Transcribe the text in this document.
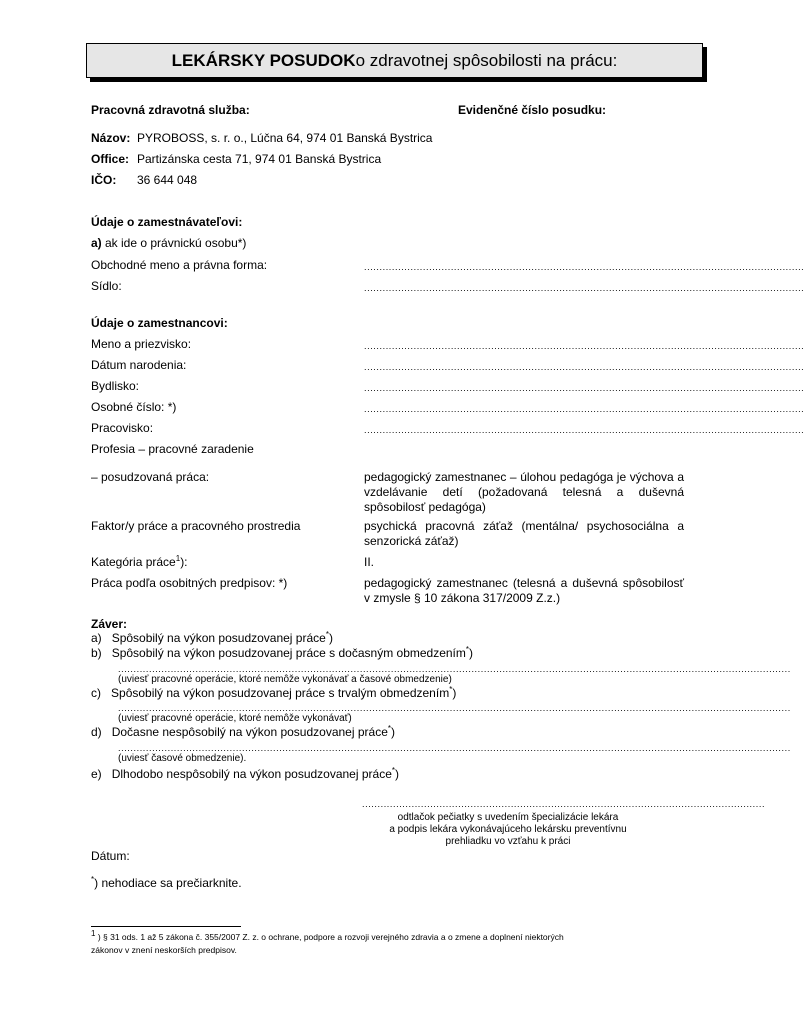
LEKÁRSKY POSUDOK o zdravotnej spôsobilosti na prácu:
Pracovná zdravotná služba:	Evidenčné číslo posudku:
Názov: PYROBOSS, s. r. o., Lúčna 64, 974 01 Banská Bystrica
Office: Partizánska cesta 71, 974 01 Banská Bystrica
IČO: 36 644 048
Údaje o zamestnávateľovi:
a) ak ide o právnickú osobu*)
Obchodné meno a právna forma:	..............................................................................................................................................
Sídlo:	..............................................................................................................................................
Údaje o zamestnancovi:
Meno a priezvisko:	..............................................................................................................................................
Dátum narodenia:	..............................................................................................................................................
Bydlisko:	..............................................................................................................................................
Osobné číslo: *)	..............................................................................................................................................
Pracovisko:	..............................................................................................................................................
Profesia – pracovné zaradenie
– posudzovaná práca:	pedagogický zamestnanec – úlohou pedagóga je výchova a vzdelávanie detí (požadovaná telesná a duševná spôsobilosť pedagóga)
Faktor/y práce a pracovného prostredia	psychická pracovná záťaž (mentálna/ psychosociálna a senzorická záťaž)
Kategória práce$^1$):	II.
Práca podľa osobitných predpisov: *)	pedagogický zamestnanec (telesná a duševná spôsobilosť v zmysle § 10 zákona 317/2009 Z.z.)
Záver:
a) Spôsobilý na výkon posudzovanej práce*)
b) Spôsobilý na výkon posudzovanej práce s dočasným obmedzením*)
.........................................................................................................................................................................................................................
(uviesť pracovné operácie, ktoré nemôže vykonávať a časové obmedzenie)
c) Spôsobilý na výkon posudzovanej práce s trvalým obmedzením*)
.........................................................................................................................................................................................................................
(uviesť pracovné operácie, ktoré nemôže vykonávať)
d) Dočasne nespôsobilý na výkon posudzovanej práce*)
.........................................................................................................................................................................................................................
(uviesť časové obmedzenie).
e) Dlhodobo nespôsobilý na výkon posudzovanej práce*)
..................................................................................................................................
odtlačok pečiatky s uvedením špecializácie lekára
a podpis lekára vykonávajúceho lekársku preventívnu
prehliadku vo vzťahu k práci
Dátum:
*) nehodiace sa prečiarknite.
1 ) § 31 ods. 1 až 5 zákona č. 355/2007 Z. z. o ochrane, podpore a rozvoji verejného zdravia a o zmene a doplnení niektorých
zákonov v znení neskorších predpisov.
